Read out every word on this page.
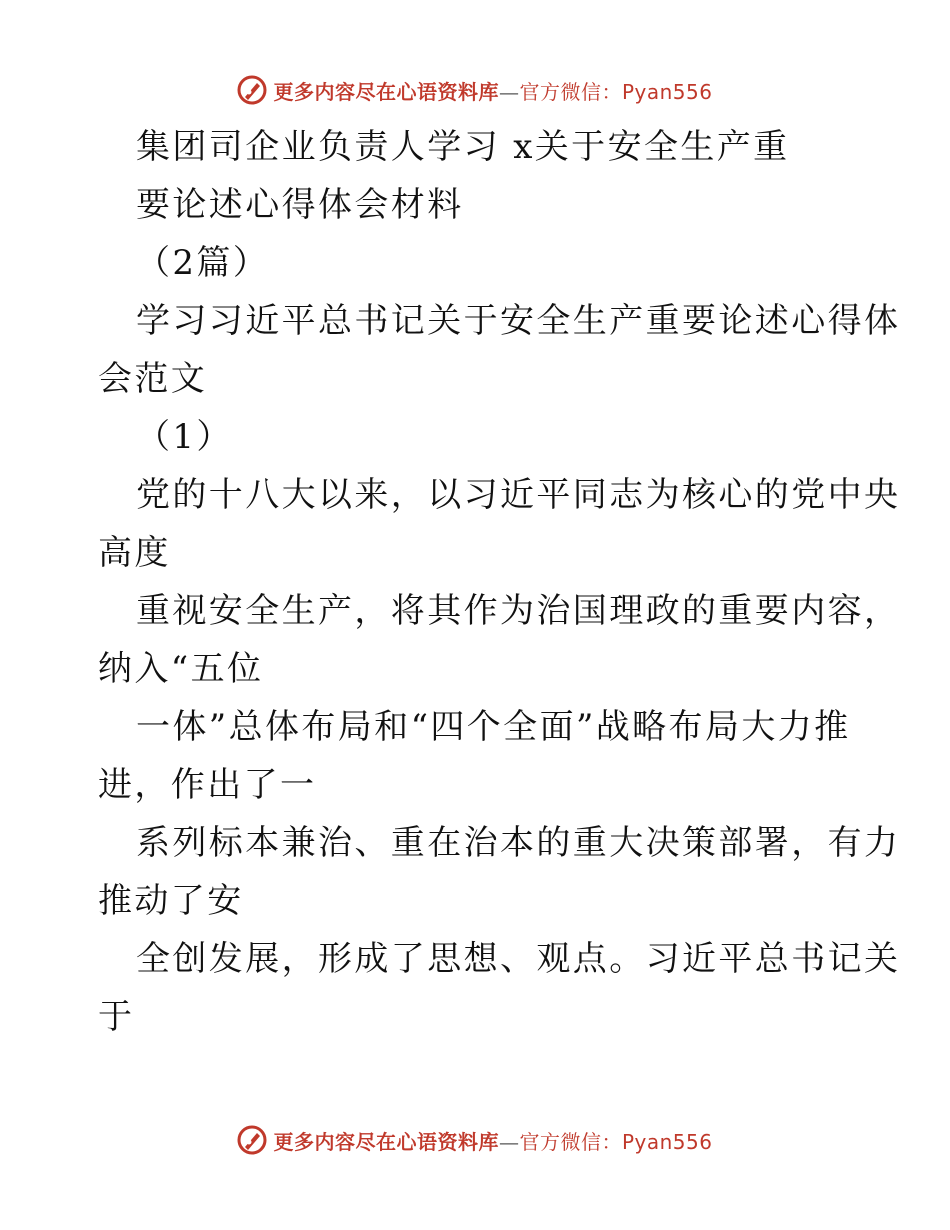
更多内容尽在心语资料库—官方微信：Pyan556
集团司企业负责人学习 x关于安全生产重
要论述心得体会材料
（2篇）
学习习近平总书记关于安全生产重要论述心得体
会范文
（1）
党的十八大以来，以习近平同志为核心的党中央
高度
重视安全生产，将其作为治国理政的重要内容，
纳入“五位
一体”总体布局和“四个全面”战略布局大力推
进，作出了一
系列标本兼治、重在治本的重大决策部署，有力
推动了安
全创发展，形成了思想、观点。习近平总书记关
于
更多内容尽在心语资料库—官方微信：Pyan556
